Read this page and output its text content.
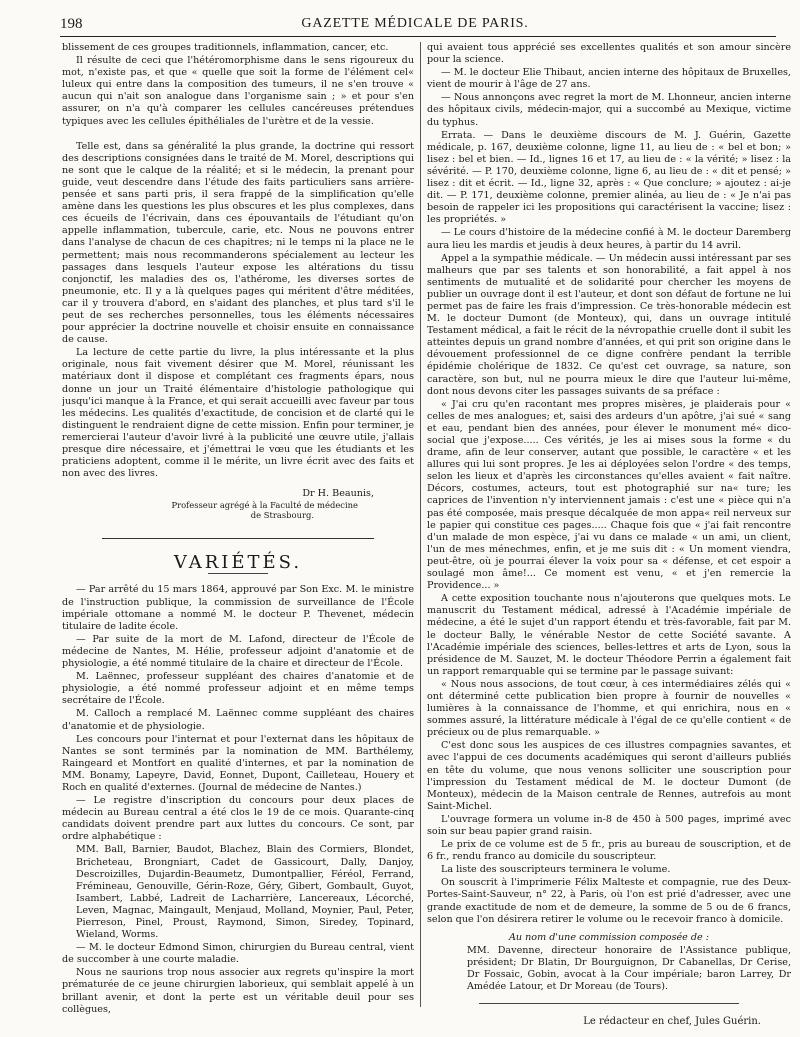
198	GAZETTE MÉDICALE DE PARIS.

blissement de ces groupes traditionnels, inflammation, cancer, etc.

Il résulte de ceci que l'hétéromorphisme dans le sens rigoureux du mot, n'existe pas, et que « quelle que soit la forme de l'élément cel« luleux qui entre dans la composition des tumeurs, il ne s'en trouve « aucun qui n'ait son analogue dans l'organisme sain ; » et pour s'en assurer, on n'a qu'à comparer les cellules cancéreuses prétendues typiques avec les cellules épithéliales de l'urètre et de la vessie.

Telle est, dans sa généralité la plus grande, la doctrine qui ressort des descriptions consignées dans le traité de M. Morel, descriptions qui ne sont que le calque de la réalité; et si le médecin, la prenant pour guide, veut descendre dans l'étude des faits particuliers sans arrière-pensée et sans parti pris, il sera frappé de la simplification qu'elle amène dans les questions les plus obscures et les plus complexes, dans ces écueils de l'écrivain, dans ces épouvantails de l'étudiant qu'on appelle inflammation, tubercule, carie, etc. Nous ne pouvons entrer dans l'analyse de chacun de ces chapitres; ni le temps ni la place ne le permettent; mais nous recommanderons spécialement au lecteur les passages dans lesquels l'auteur expose les altérations du tissu conjonctif, les maladies des os, l'athérome, les diverses sortes de pneumonie, etc. Il y a là quelques pages qui méritent d'être méditées, car il y trouvera d'abord, en s'aidant des planches, et plus tard s'il le peut de ses recherches personnelles, tous les éléments nécessaires pour apprécier la doctrine nouvelle et choisir ensuite en connaissance de cause.

La lecture de cette partie du livre, la plus intéressante et la plus originale, nous fait vivement désirer que M. Morel, réunissant les matériaux dont il dispose et complétant ces fragments épars, nous donne un jour un Traité élémentaire d'histologie pathologique qui jusqu'ici manque à la France, et qui serait accueilli avec faveur par tous les médecins. Les qualités d'exactitude, de concision et de clarté qui le distinguent le rendraient digne de cette mission. Enfin pour terminer, je remercierai l'auteur d'avoir livré à la publicité une œuvre utile, j'allais presque dire nécessaire, et j'émettrai le vœu que les étudiants et les praticiens adoptent, comme il le mérite, un livre écrit avec des faits et non avec des livres.

Dr H. Beaunis,
Professeur agrégé à la Faculté de médecine
de Strasbourg.
VARIÉTÉS.

— Par arrêté du 15 mars 1864, approuvé par Son Exc. M. le ministre de l'instruction publique, la commission de surveillance de l'École impériale ottomane a nommé M. le docteur P. Thevenet, médecin titulaire de ladite école.

— Par suite de la mort de M. Lafond, directeur de l'École de médecine de Nantes, M. Hélie, professeur adjoint d'anatomie et de physiologie, a été nommé titulaire de la chaire et directeur de l'École.

M. Laënnec, professeur suppléant des chaires d'anatomie et de physiologie, a été nommé professeur adjoint et en même temps secrétaire de l'École.

M. Calloch a remplacé M. Laënnec comme suppléant des chaires d'anatomie et de physiologie.

Les concours pour l'internat et pour l'externat dans les hôpitaux de Nantes se sont terminés par la nomination de MM. Barthélemy, Raingeard et Montfort en qualité d'internes, et par la nomination de MM. Bonamy, Lapeyre, David, Eonnet, Dupont, Cailleteau, Houery et Roch en qualité d'externes. (Journal de médecine de Nantes.)

— Le registre d'inscription du concours pour deux places de médecin au Bureau central a été clos le 19 de ce mois. Quarante-cinq candidats doivent prendre part aux luttes du concours. Ce sont, par ordre alphabétique :

MM. Ball, Barnier, Baudot, Blachez, Blain des Cormiers, Blondet, Bricheteau, Brongniart, Cadet de Gassicourt, Dally, Danjoy, Descroizilles, Dujardin-Beaumetz, Dumontpallier, Féréol, Ferrand, Frémineau, Genouville, Gérin-Roze, Géry, Gibert, Gombault, Guyot, Isambert, Labbé, Ladreit de Lacharrière, Lancereaux, Lécorché, Leven, Magnac, Maingault, Menjaud, Molland, Moynier, Paul, Peter, Pierreson, Pinel, Proust, Raymond, Simon, Siredey, Topinard, Wieland, Worms.

— M. le docteur Edmond Simon, chirurgien du Bureau central, vient de succomber à une courte maladie.

Nous ne saurions trop nous associer aux regrets qu'inspire la mort prématurée de ce jeune chirurgien laborieux, qui semblait appelé à un brillant avenir, et dont la perte est un véritable deuil pour ses collègues,

qui avaient tous apprécié ses excellentes qualités et son amour sincère pour la science.

— M. le docteur Elie Thibaut, ancien interne des hôpitaux de Bruxelles, vient de mourir à l'âge de 27 ans.

— Nous annonçons avec regret la mort de M. Lhonneur, ancien interne des hôpitaux civils, médecin-major, qui a succombé au Mexique, victime du typhus.

Errata. — Dans le deuxième discours de M. J. Guérin, Gazette médicale, p. 167, deuxième colonne, ligne 11, au lieu de : « bel et bon; » lisez : bel et bien. — Id., lignes 16 et 17, au lieu de : « la vérité; » lisez : la sévérité. — P. 170, deuxième colonne, ligne 6, au lieu de : « dit et pensé; » lisez : dit et écrit. — Id., ligne 32, après : « Que conclure; » ajoutez : ai-je dit. — P. 171, deuxième colonne, premier alinéa, au lieu de : « Je n'ai pas besoin de rappeler ici les propositions qui caractérisent la vaccine; lisez : les propriétés. »

— Le cours d'histoire de la médecine confié à M. le docteur Daremberg aura lieu les mardis et jeudis à deux heures, à partir du 14 avril.

Appel a la sympathie médicale. — Un médecin aussi intéressant par ses malheurs que par ses talents et son honorabilité, a fait appel à nos sentiments de mutualité et de solidarité pour chercher les moyens de publier un ouvrage dont il est l'auteur, et dont son défaut de fortune ne lui permet pas de faire les frais d'impression. Ce très-honorable médecin est M. le docteur Dumont (de Monteux), qui, dans un ouvrage intitulé Testament médical, a fait le récit de la névropathie cruelle dont il subit les atteintes depuis un grand nombre d'années, et qui prit son origine dans le dévouement professionnel de ce digne confrère pendant la terrible épidémie cholérique de 1832. Ce qu'est cet ouvrage, sa nature, son caractère, son but, nul ne pourra mieux le dire que l'auteur lui-même, dont nous devons citer les passages suivants de sa préface :

« J'ai cru qu'en racontant mes propres misères, je plaiderais pour « celles de mes analogues; et, saisi des ardeurs d'un apôtre, j'ai sué « sang et eau, pendant bien des années, pour élever le monument mé« dico-social que j'expose..... Ces vérités, je les ai mises sous la forme « du drame, afin de leur conserver, autant que possible, le caractère « et les allures qui lui sont propres. Je les ai déployées selon l'ordre « des temps, selon les lieux et d'après les circonstances qu'elles avaient « fait naître. Décors, costumes, acteurs, tout est photographié sur na« ture; les caprices de l'invention n'y interviennent jamais : c'est une « pièce qui n'a pas été composée, mais presque décalquée de mon appa« reil nerveux sur le papier qui constitue ces pages..... Chaque fois que « j'ai fait rencontre d'un malade de mon espèce, j'ai vu dans ce malade « un ami, un client, l'un de mes ménechmes, enfin, et je me suis dit : « Un moment viendra, peut-être, où je pourrai élever la voix pour sa « défense, et cet espoir a soulagé mon âme!... Ce moment est venu, « et j'en remercie la Providence... »

A cette exposition touchante nous n'ajouterons que quelques mots. Le manuscrit du Testament médical, adressé à l'Académie impériale de médecine, a été le sujet d'un rapport étendu et très-favorable, fait par M. le docteur Bally, le vénérable Nestor de cette Société savante. A l'Académie impériale des sciences, belles-lettres et arts de Lyon, sous la présidence de M. Sauzet, M. le docteur Théodore Perrin a également fait un rapport remarquable qui se termine par le passage suivant:

« Nous nous associons, de tout cœur, à ces intermédiaires zélés qui « ont déterminé cette publication bien propre à fournir de nouvelles « lumières à la connaissance de l'homme, et qui enrichira, nous en « sommes assuré, la littérature médicale à l'égal de ce qu'elle contient « de précieux ou de plus remarquable. »

C'est donc sous les auspices de ces illustres compagnies savantes, et avec l'appui de ces documents académiques qui seront d'ailleurs publiés en tête du volume, que nous venons solliciter une souscription pour l'impression du Testament médical de M. le docteur Dumont (de Monteux), médecin de la Maison centrale de Rennes, autrefois au mont Saint-Michel.

L'ouvrage formera un volume in-8 de 450 à 500 pages, imprimé avec soin sur beau papier grand raisin.

Le prix de ce volume est de 5 fr., pris au bureau de souscription, et de 6 fr., rendu franco au domicile du souscripteur.

La liste des souscripteurs terminera le volume.

On souscrit à l'imprimerie Félix Malteste et compagnie, rue des Deux-Portes-Saint-Sauveur, n° 22, à Paris, où l'on est prié d'adresser, avec une grande exactitude de nom et de demeure, la somme de 5 ou de 6 francs, selon que l'on désirera retirer le volume ou le recevoir franco à domicile.

Au nom d'une commission composée de :

MM. Davenne, directeur honoraire de l'Assistance publique, président; Dr Blatin, Dr Bourguignon, Dr Cabanellas, Dr Cerise, Dr Fossaic, Gobin, avocat à la Cour impériale; baron Larrey, Dr Amédée Latour, et Dr Moreau (de Tours).

Le rédacteur en chef, Jules Guérin.
